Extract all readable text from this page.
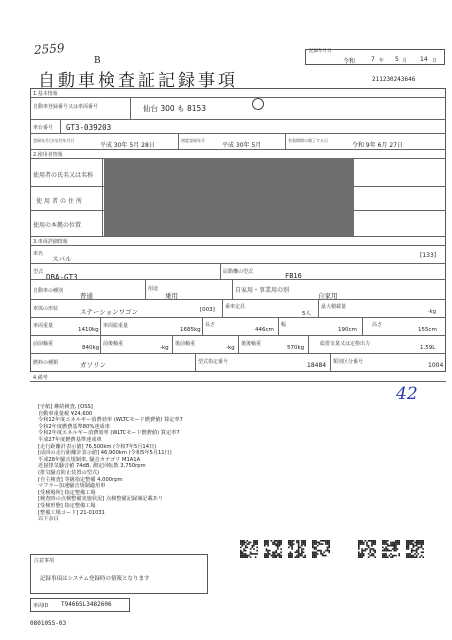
2559
B
自動車検査証記録事項
記録年月日
令和	7 年 5 月 14 日
211230243646
1.基本情報
自動車登録番号又は車両番号	仙台 300 も 8153
車台番号 GT3-039203
登録年月日/交付年月日
平成 30年 5月 28日
初度登録年月
平成 30年 5月
有効期間の満了する日
令和 9年 6月 27日
2.使用者情報
使用者の氏名又は名称
使用者の住所
使用の本拠の位置
3.車両詳細情報
車名
スバル	[133]
型式
DBA-GT3
原動機の型式	FB16
自動車の種別
普通
用途
乗用
自家用・事業用の別
自家用
車体の形状	ステーションワゴン	[003] 乗車定員
5人
最大積載量
-kg
車両重量
1410kg
車両総重量
1685kg
長さ
446cm
幅
190cm
高さ
155cm
前前軸重
840kg
前後軸重
-kg
後前軸重
-kg
後後軸重
570kg
総排気量又は定格出力
1.59L
燃料の種類	ガソリン	型式指定番号	18484 類別区分番号	1004
4.備考
42

[字紙] 継続検査, [OSS]

自動車重量税 ¥24,600

令和12年度エネルギー消費効率 (WLTCモード燃費値) 算定率7

令和2年度燃費基準80%達成車

令和2年度エネルギー消費効率 (WLTCモード燃費値) 算定率7

平成27年度燃費基準達成車

[走行距離計表示値] 76,500km (令和7年5月14日)

[前回の走行距離計表示値] 46,900km (令和5年5月11日)

平成28年騒音規制車, 騒音カテゴリ M1A1A

近接排気騒音値 74dB, 測定回転数 3,750rpm

(排気騒音防止装置の型式)

[自主検査] 等級指定整備 4,000rpm

マフラー加速騒音規制適用車

[受検場所] 指定整備工場

[検査時の点検整備実施状況] 点検整備記録簿記載あり

[受検形態] 指定整備工場

[整備工場コード] 21-01031

以下余白

注意事項
記録事項はシステム登録時の情報となります
車両ID T9466SL3482606
080105S-03
